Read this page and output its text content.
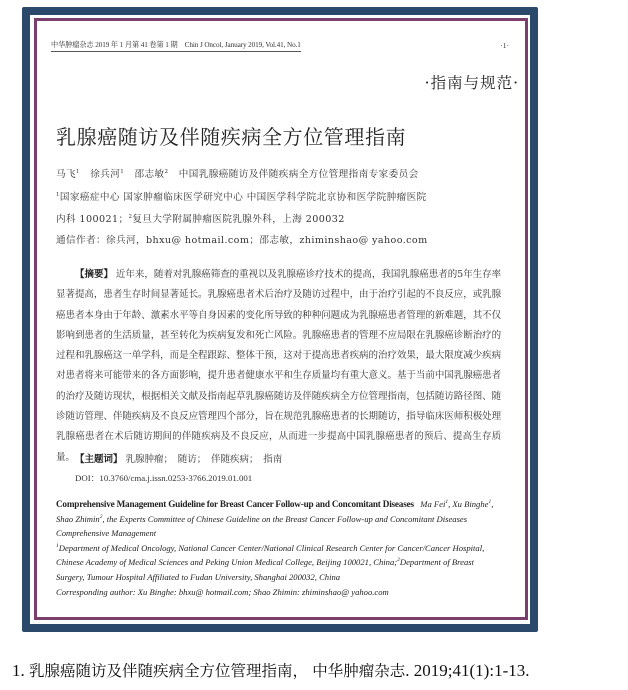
中华肿瘤杂志 2019 年 1 月第 41 卷第 1 期　Chin J Oncol, January 2019, Vol.41, No.1	·1·
·指南与规范·
乳腺癌随访及伴随疾病全方位管理指南
马飞$^1$ 徐兵河$^1$ 邵志敏$^2$ 中国乳腺癌随访及伴随疾病全方位管理指南专家委员会
$^1$国家癌症中心 国家肿瘤临床医学研究中心 中国医学科学院北京协和医学院肿瘤医院
内科 100021；$^2$复旦大学附属肿瘤医院乳腺外科，上海 200032
通信作者：徐兵河，bhxu@ hotmail.com；邵志敏，zhiminshao@ yahoo.com

【摘要】 近年来，随着对乳腺癌筛查的重视以及乳腺癌诊疗技术的提高，我国乳腺癌患者的5年生存率显著提高，患者生存时间显著延长。乳腺癌患者术后治疗及随访过程中，由于治疗引起的不良反应，或乳腺癌患者本身由于年龄、激素水平等自身因素的变化所导致的种种问题成为乳腺癌患者管理的新难题，其不仅影响到患者的生活质量，甚至转化为疾病复发和死亡风险。乳腺癌患者的管理不应局限在乳腺癌诊断治疗的过程和乳腺癌这一单学科，而是全程跟踪、整体干预，这对于提高患者疾病的治疗效果，最大限度减少疾病对患者将来可能带来的各方面影响，提升患者健康水平和生存质量均有重大意义。基于当前中国乳腺癌患者的治疗及随访现状，根据相关文献及指南起草乳腺癌随访及伴随疾病全方位管理指南，包括随访路径图、随诊随访管理、伴随疾病及不良反应管理四个部分，旨在规范乳腺癌患者的长期随访，指导临床医师积极处理乳腺癌患者在术后随访期间的伴随疾病及不良反应，从而进一步提高中国乳腺癌患者的预后、提高生存质量。 【主题词】 乳腺肿瘤；　随访；　伴随疾病；　指南
DOI：10.3760/cma.j.issn.0253-3766.2019.01.001
Comprehensive Management Guideline for Breast Cancer Follow-up and Concomitant Diseases Ma Fei$^1$, Xu Binghe$^1$, Shao Zhimin$^2$, the Experts Committee of Chinese Guideline on the Breast Cancer Follow-up and Concomitant Diseases Comprehensive Management
$^1$Department of Medical Oncology, National Cancer Center/National Clinical Research Center for Cancer/Cancer Hospital, Chinese Academy of Medical Sciences and Peking Union Medical College, Beijing 100021, China;$^2$Department of Breast Surgery, Tumour Hospital Affiliated to Fudan University, Shanghai 200032, China
Corresponding author: Xu Binghe: bhxu@ hotmail.com; Shao Zhimin: zhiminshao@ yahoo.com
1. 乳腺癌随访及伴随疾病全方位管理指南， 中华肿瘤杂志. 2019;41(1):1-13.
